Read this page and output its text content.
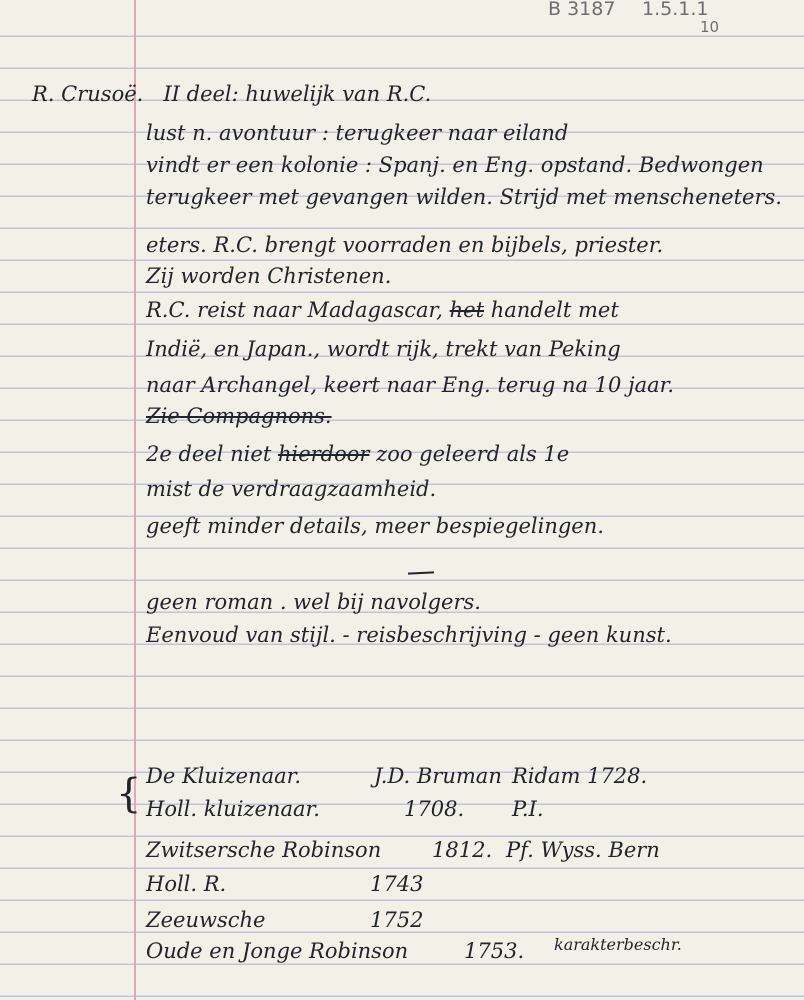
B 3187 1.5.1.1
10
R. Crusoë. II deel: huwelijk van R.C.
lust n. avontuur : terugkeer naar eiland
vindt er een kolonie : Spanj. en Eng. opstand. Bedwongen
terugkeer met gevangen wilden. Strijd met menscheneters.
eters. R.C. brengt voorraden en bijbels, priester.
Zij worden Christenen.
R.C. reist naar Madagascar, het handelt met
Indië, en Japan., wordt rijk, trekt van Peking
naar Archangel, keert naar Eng. terug na 10 jaar.
Zie Compagnons.
2e deel niet hierdoor zoo geleerd als 1e
mist de verdraagzaamheid.
geeft minder details, meer bespiegelingen.
geen roman . wel bij navolgers.
Eenvoud van stijl. - reisbeschrijving - geen kunst.
{ De Kluizenaar.	J.D. Bruman Ridam 1728.
Holl. kluizenaar.	1708. P.I.
Zwitsersche Robinson 1812. Pf. Wyss. Bern
Holl. R.	1743
Zeeuwsche	1752
Oude en Jonge Robinson	1753. karakterbeschr.
